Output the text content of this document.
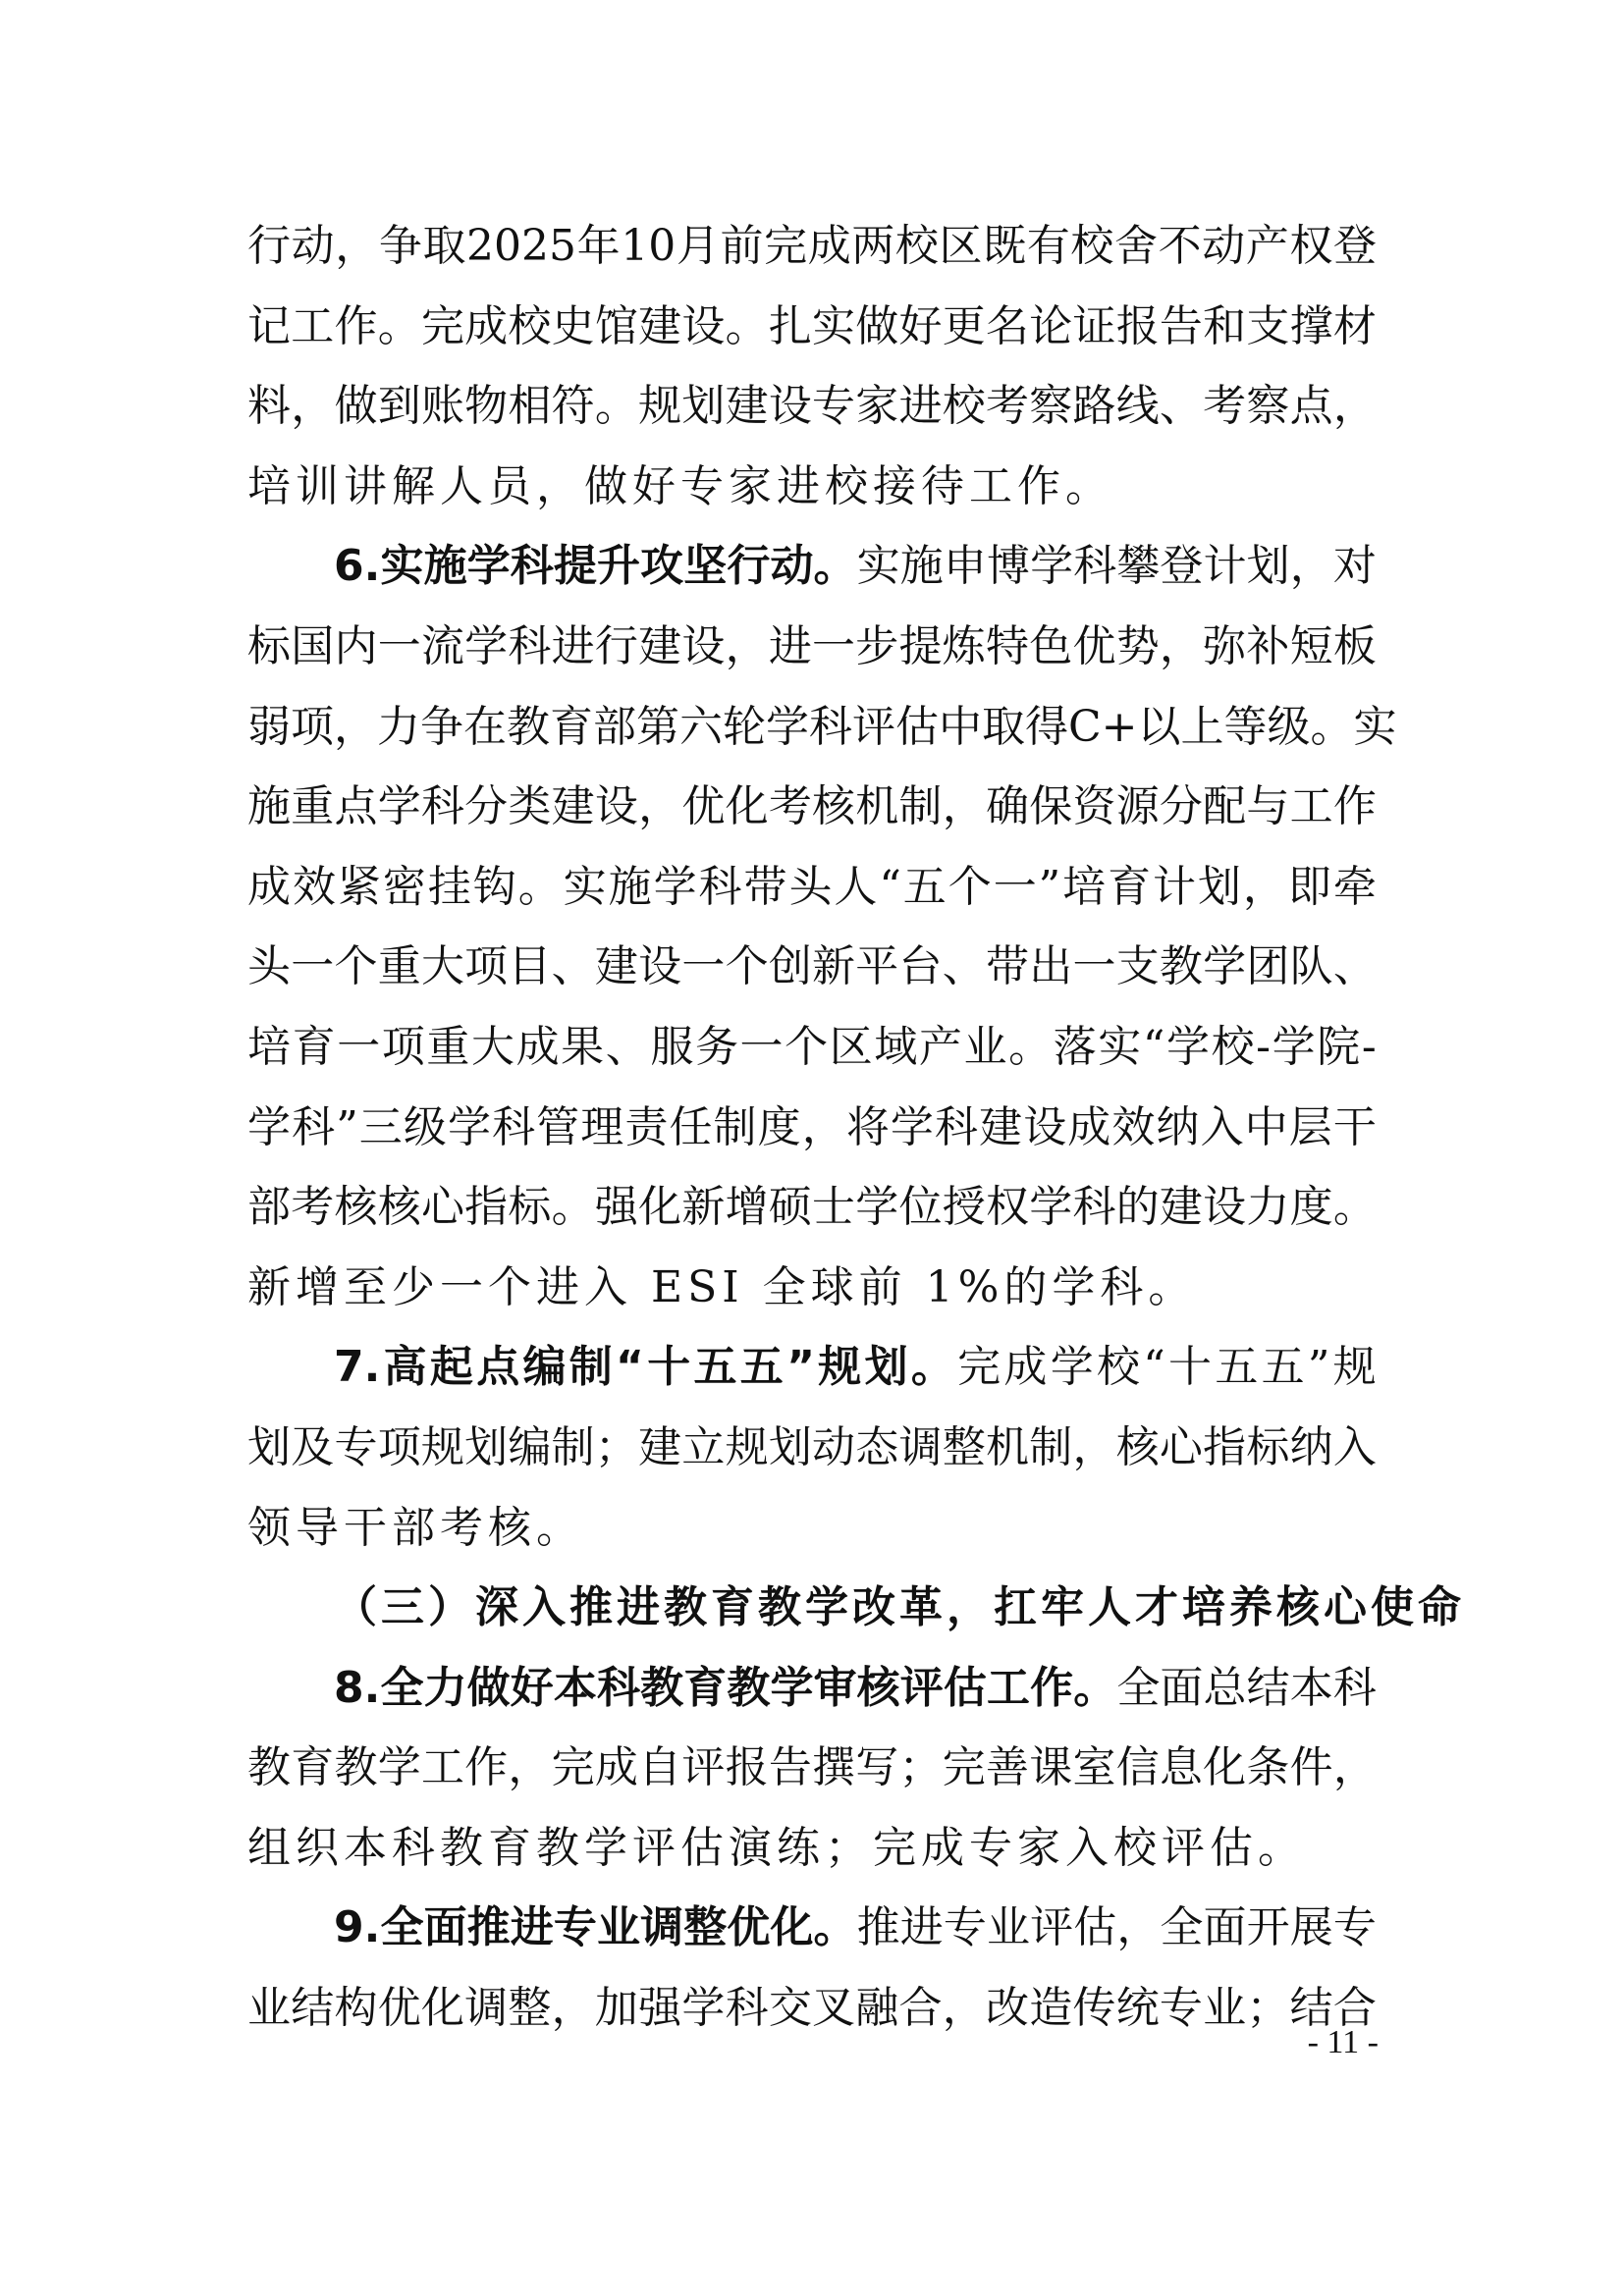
行 动 ， 争 取 2025 年 10 月 前 完 成 两 校 区 既 有 校 舍 不 动 产 权 登
记 工 作 。 完 成 校 史 馆 建 设 。 扎 实 做 好 更 名 论 证 报 告 和 支 撑 材
料 ， 做 到 账 物 相 符 。 规 划 建 设 专 家 进 校 考 察 路 线 、 考 察 点 ，
培训讲解人员，做好专家进校接待工作。
6. 实 施 学 科 提 升 攻 坚 行 动 。 实 施 申 博 学 科 攀 登 计 划 ， 对
标 国 内 一 流 学 科 进 行 建 设 ， 进 一 步 提 炼 特 色 优 势 ， 弥 补 短 板
弱 项 ， 力 争 在 教 育 部 第 六 轮 学 科 评 估 中 取 得 C+ 以 上 等 级 。 实
施 重 点 学 科 分 类 建 设 ， 优 化 考 核 机 制 ， 确 保 资 源 分 配 与 工 作
成 效 紧 密 挂 钩 。 实 施 学 科 带 头 人 “ 五 个 一 ” 培 育 计 划 ， 即 牵
头 一 个 重 大 项 目 、 建 设 一 个 创 新 平 台 、 带 出 一 支 教 学 团 队 、
培 育 一 项 重 大 成 果 、 服 务 一 个 区 域 产 业 。 落 实 “ 学 校 - 学 院 -
学 科 ” 三 级 学 科 管 理 责 任 制 度 ， 将 学 科 建 设 成 效 纳 入 中 层 干
部 考 核 核 心 指 标 。 强 化 新 增 硕 士 学 位 授 权 学 科 的 建 设 力 度 。
新增至少一个进入 ESI 全球前 1%的学科。
7. 高 起 点 编 制 “ 十 五 五 ” 规 划 。 完 成 学 校 “ 十 五 五 ” 规
划 及 专 项 规 划 编 制 ； 建 立 规 划 动 态 调 整 机 制 ， 核 心 指 标 纳 入
领导干部考核。
（三）深入推进教育教学改革，扛牢人才培养核心使命
8. 全 力 做 好 本 科 教 育 教 学 审 核 评 估 工 作 。 全 面 总 结 本 科
教 育 教 学 工 作 ， 完 成 自 评 报 告 撰 写 ； 完 善 课 室 信 息 化 条 件 ，
组织本科教育教学评估演练；完成专家入校评估。
9. 全 面 推 进 专 业 调 整 优 化 。 推 进 专 业 评 估 ， 全 面 开 展 专
业 结 构 优 化 调 整 ， 加 强 学 科 交 叉 融 合 ， 改 造 传 统 专 业 ； 结 合
- 11 -
